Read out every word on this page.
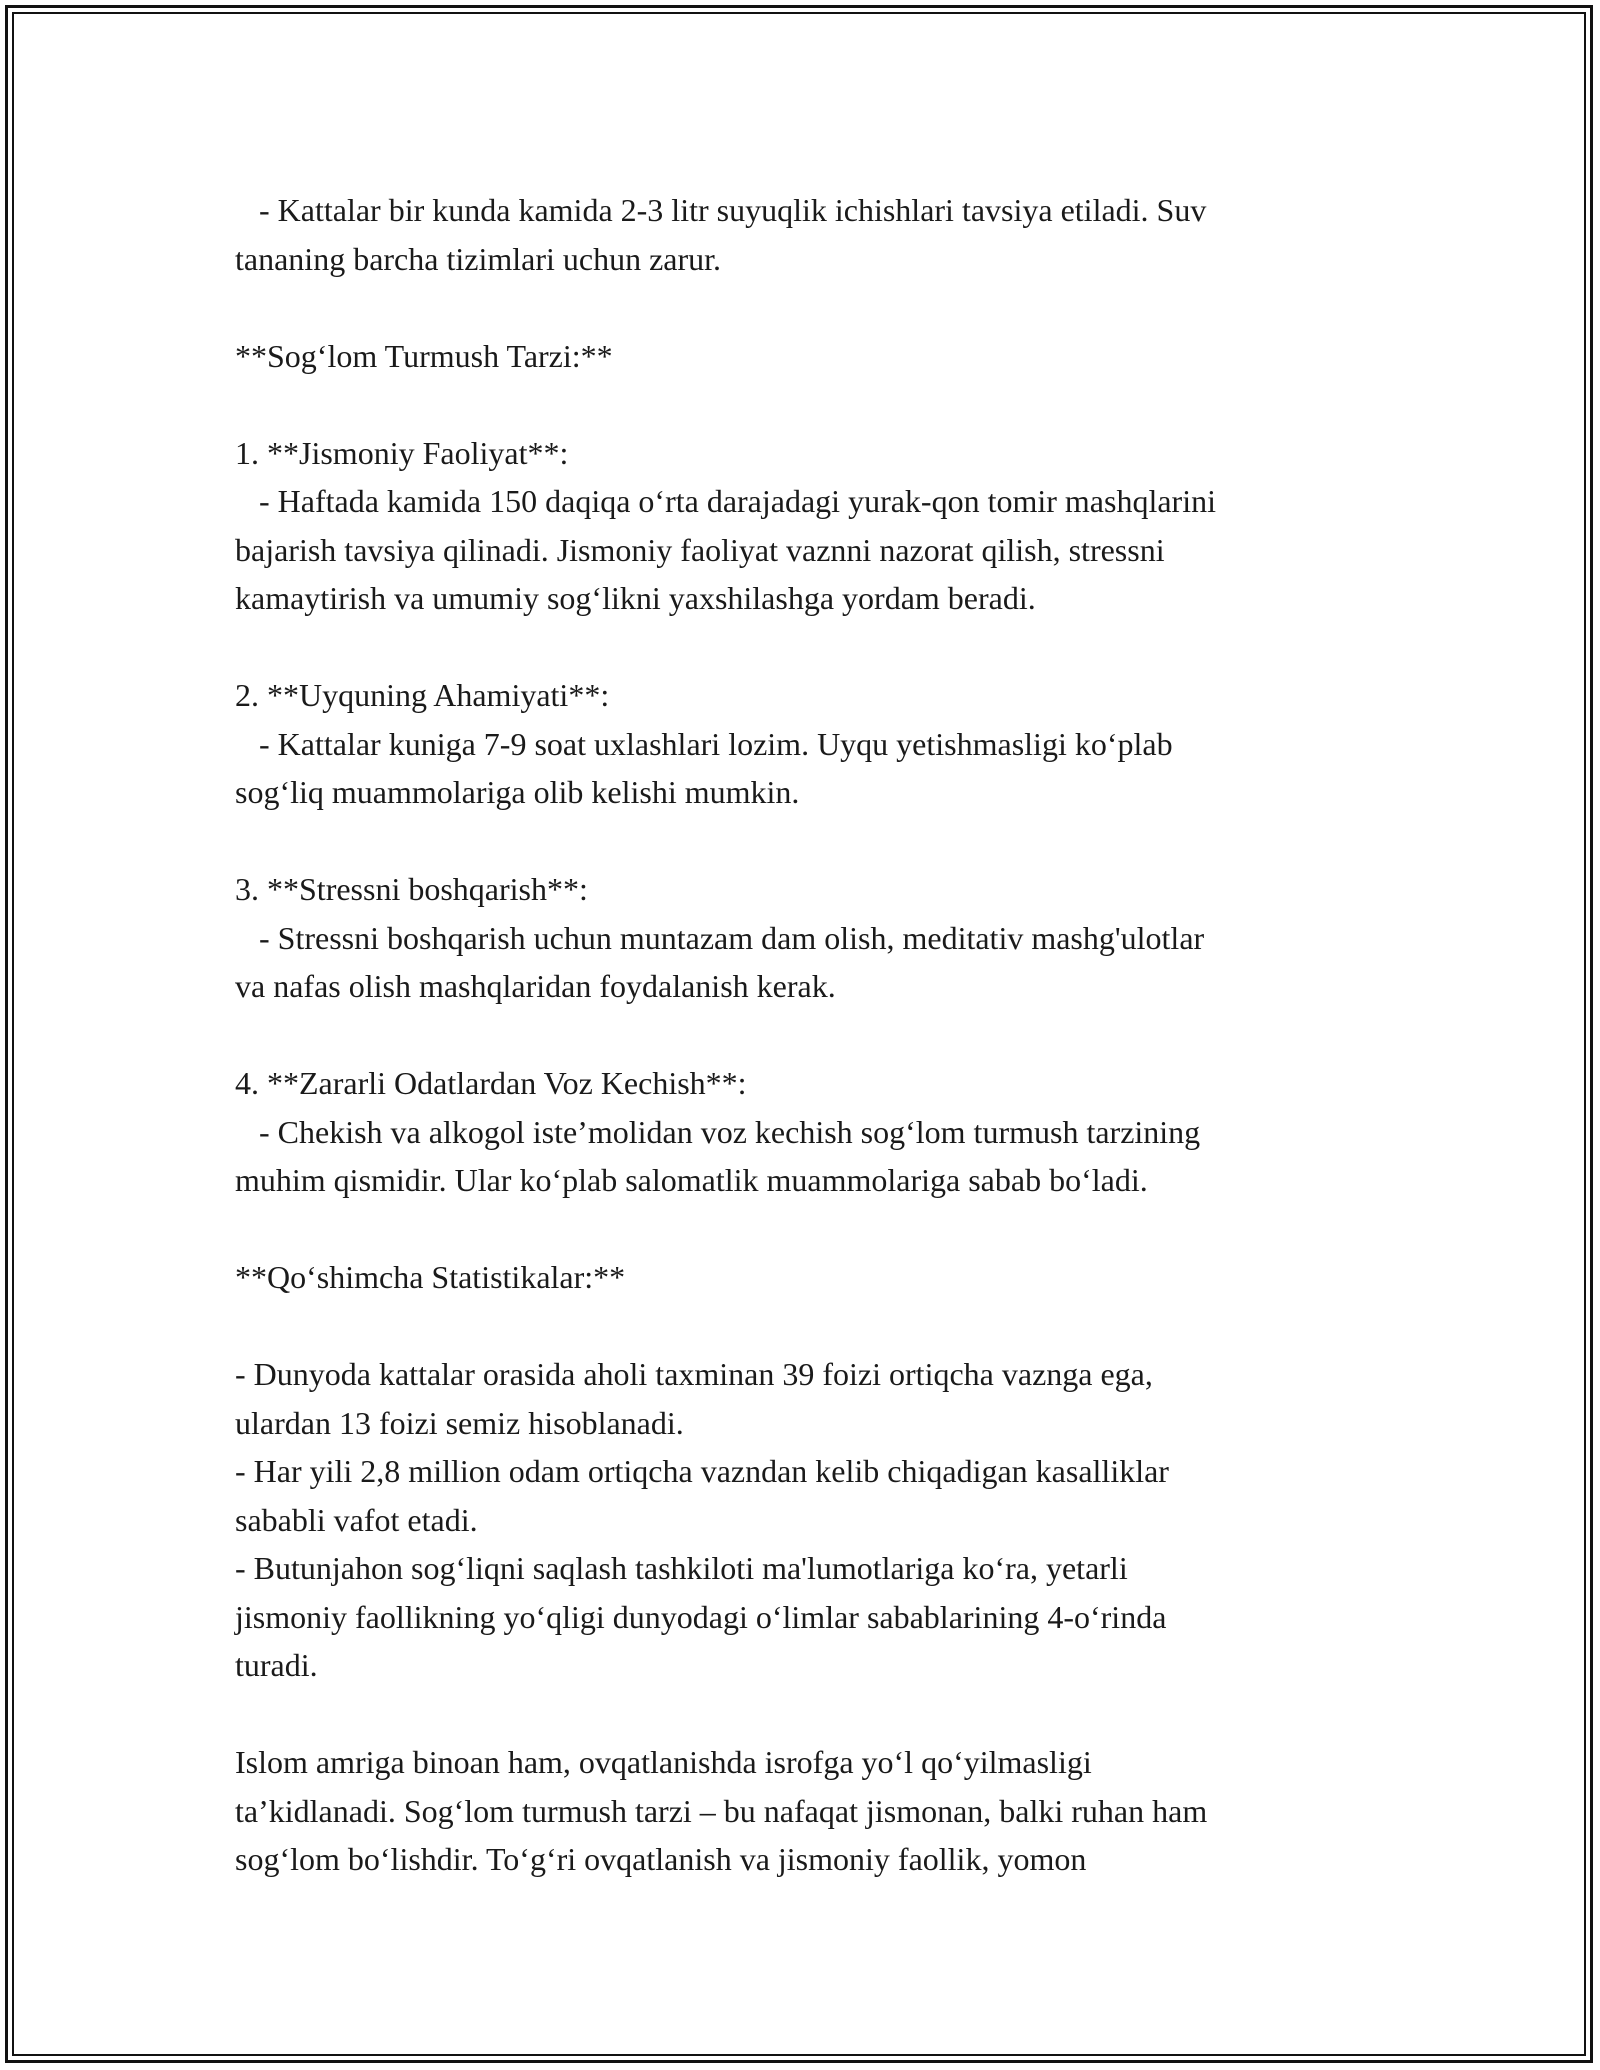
- Kattalar bir kunda kamida 2-3 litr suyuqlik ichishlari tavsiya etiladi. Suv
tananing barcha tizimlari uchun zarur.
**Sog‘lom Turmush Tarzi:**
1. **Jismoniy Faoliyat**:
- Haftada kamida 150 daqiqa o‘rta darajadagi yurak-qon tomir mashqlarini
bajarish tavsiya qilinadi. Jismoniy faoliyat vaznni nazorat qilish, stressni
kamaytirish va umumiy sog‘likni yaxshilashga yordam beradi.
2. **Uyquning Ahamiyati**:
- Kattalar kuniga 7-9 soat uxlashlari lozim. Uyqu yetishmasligi ko‘plab
sog‘liq muammolariga olib kelishi mumkin.
3. **Stressni boshqarish**:
- Stressni boshqarish uchun muntazam dam olish, meditativ mashg'ulotlar
va nafas olish mashqlaridan foydalanish kerak.
4. **Zararli Odatlardan Voz Kechish**:
- Chekish va alkogol iste’molidan voz kechish sog‘lom turmush tarzining
muhim qismidir. Ular ko‘plab salomatlik muammolariga sabab bo‘ladi.
**Qo‘shimcha Statistikalar:**
- Dunyoda kattalar orasida aholi taxminan 39 foizi ortiqcha vaznga ega,
ulardan 13 foizi semiz hisoblanadi.
- Har yili 2,8 million odam ortiqcha vazndan kelib chiqadigan kasalliklar
sababli vafot etadi.
- Butunjahon sog‘liqni saqlash tashkiloti ma'lumotlariga ko‘ra, yetarli
jismoniy faollikning yo‘qligi dunyodagi o‘limlar sabablarining 4-o‘rinda
turadi.
Islom amriga binoan ham, ovqatlanishda isrofga yo‘l qo‘yilmasligi
ta’kidlanadi. Sog‘lom turmush tarzi – bu nafaqat jismonan, balki ruhan ham
sog‘lom bo‘lishdir. To‘g‘ri ovqatlanish va jismoniy faollik, yomon
